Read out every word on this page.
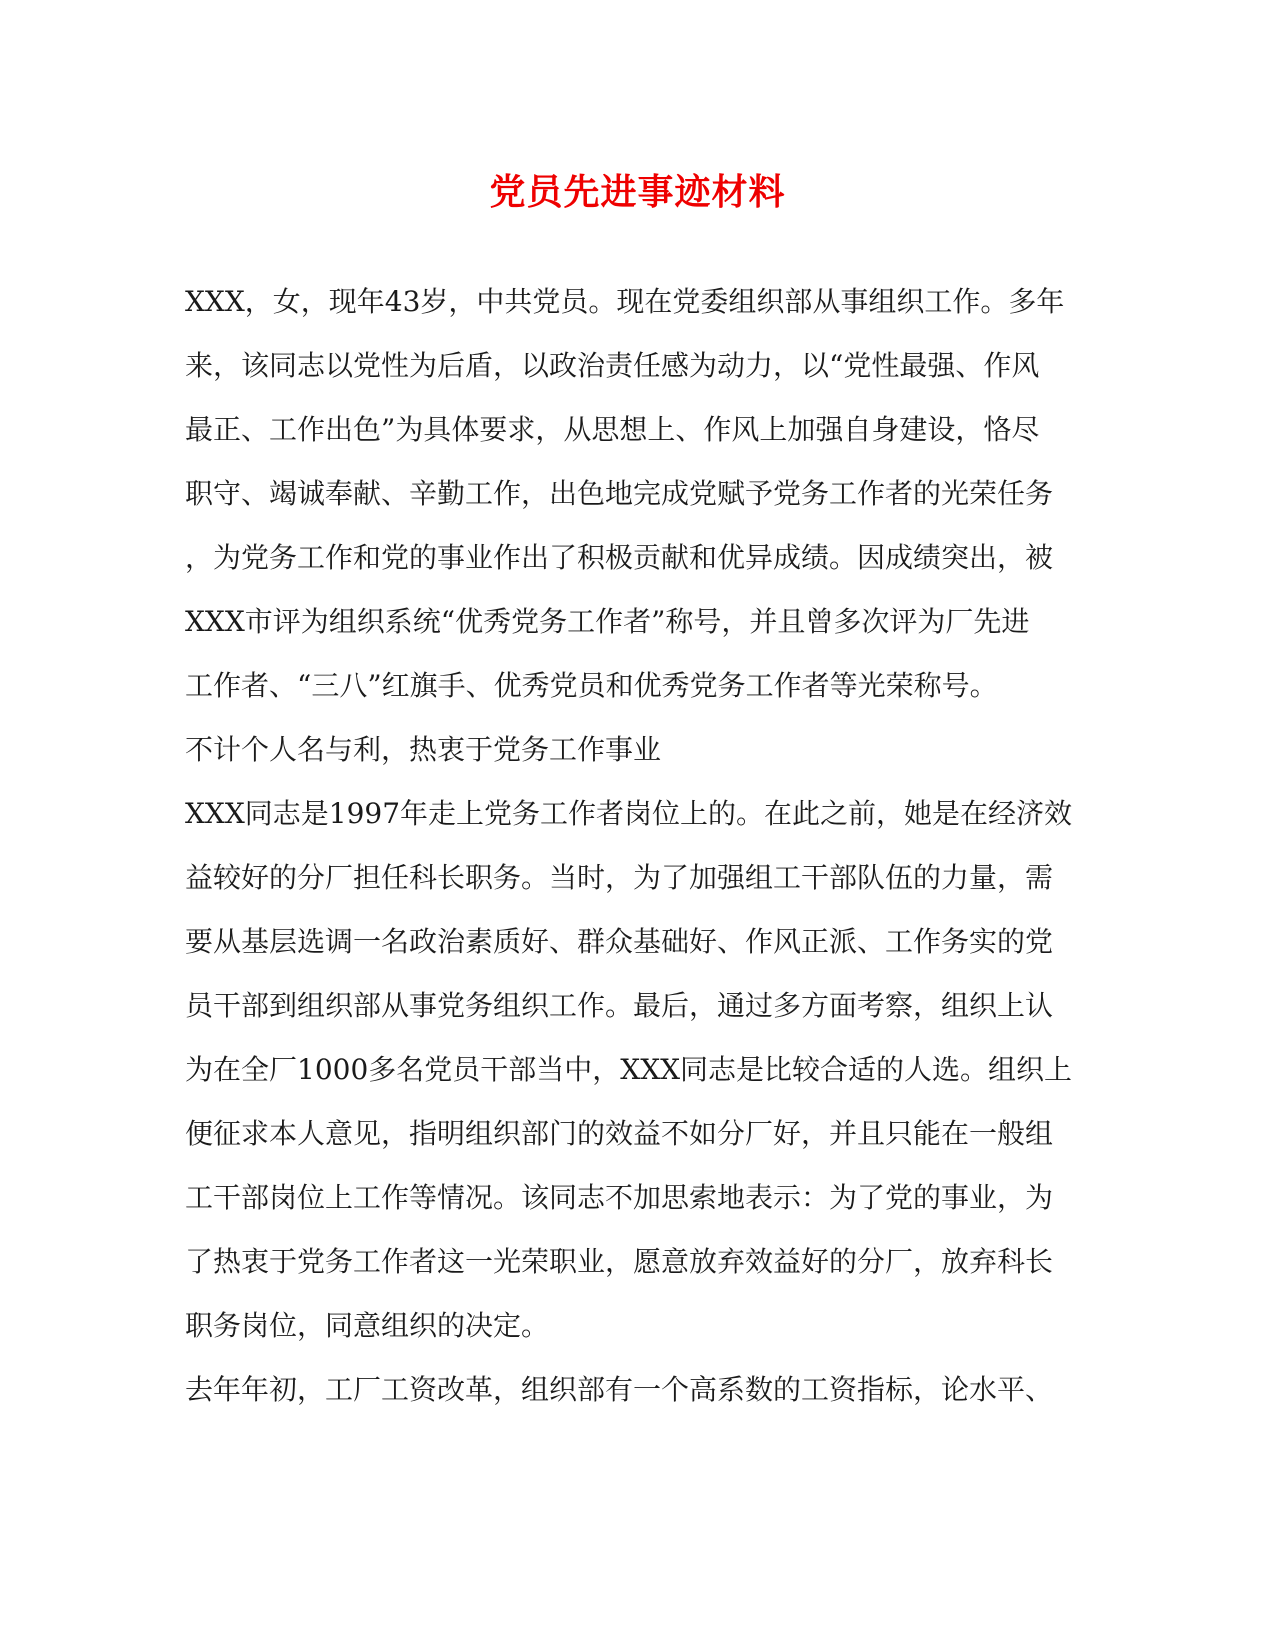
党员先进事迹材料
XXX，女，现年43岁，中共党员。现在党委组织部从事组织工作。多年
来，该同志以党性为后盾，以政治责任感为动力，以“党性最强、作风
最正、工作出色”为具体要求，从思想上、作风上加强自身建设，恪尽
职守、竭诚奉献、辛勤工作，出色地完成党赋予党务工作者的光荣任务
，为党务工作和党的事业作出了积极贡献和优异成绩。因成绩突出，被
XXX市评为组织系统“优秀党务工作者”称号，并且曾多次评为厂先进
工作者、“三八”红旗手、优秀党员和优秀党务工作者等光荣称号。
不计个人名与利，热衷于党务工作事业
XXX同志是1997年走上党务工作者岗位上的。在此之前，她是在经济效
益较好的分厂担任科长职务。当时，为了加强组工干部队伍的力量，需
要从基层选调一名政治素质好、群众基础好、作风正派、工作务实的党
员干部到组织部从事党务组织工作。最后，通过多方面考察，组织上认
为在全厂1000多名党员干部当中，XXX同志是比较合适的人选。组织上
便征求本人意见，指明组织部门的效益不如分厂好，并且只能在一般组
工干部岗位上工作等情况。该同志不加思索地表示：为了党的事业，为
了热衷于党务工作者这一光荣职业，愿意放弃效益好的分厂，放弃科长
职务岗位，同意组织的决定。
去年年初，工厂工资改革，组织部有一个高系数的工资指标，论水平、
